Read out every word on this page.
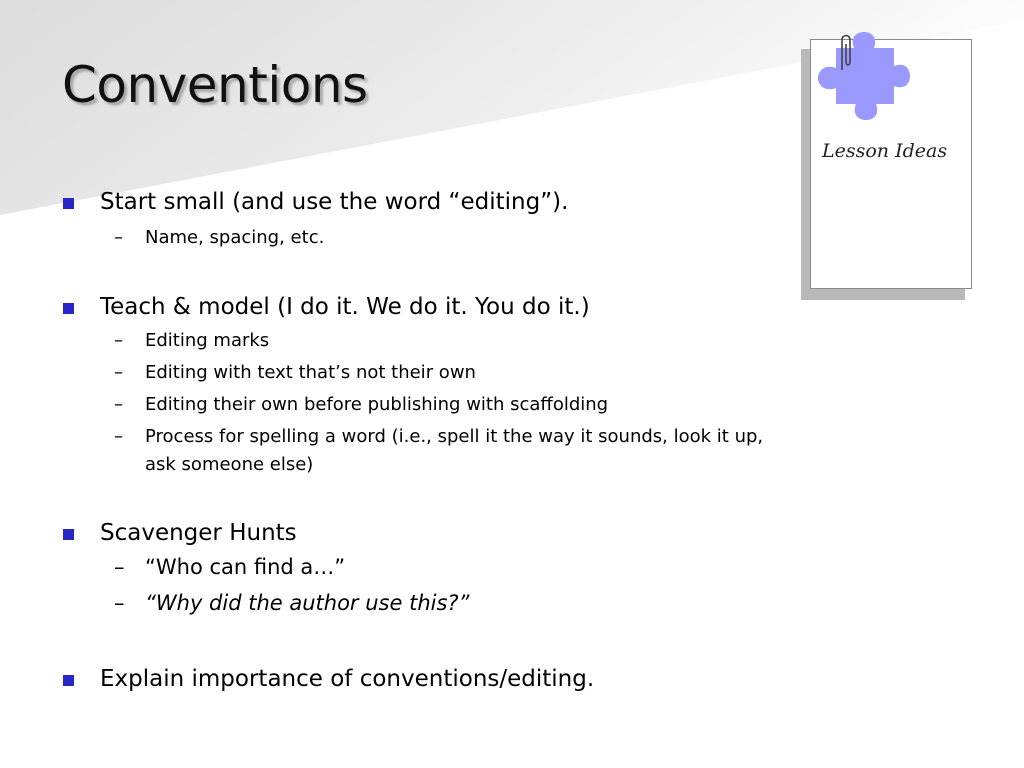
Conventions
Start small (and use the word “editing”).
– Name, spacing, etc.
Teach & model (I do it. We do it. You do it.)
– Editing marks
– Editing with text that’s not their own
– Editing their own before publishing with scaffolding
– Process for spelling a word (i.e., spell it the way it sounds, look it up, ask someone else)
Scavenger Hunts
– “Who can find a…”
– “Why did the author use this?”
Explain importance of conventions/editing.
Lesson Ideas
